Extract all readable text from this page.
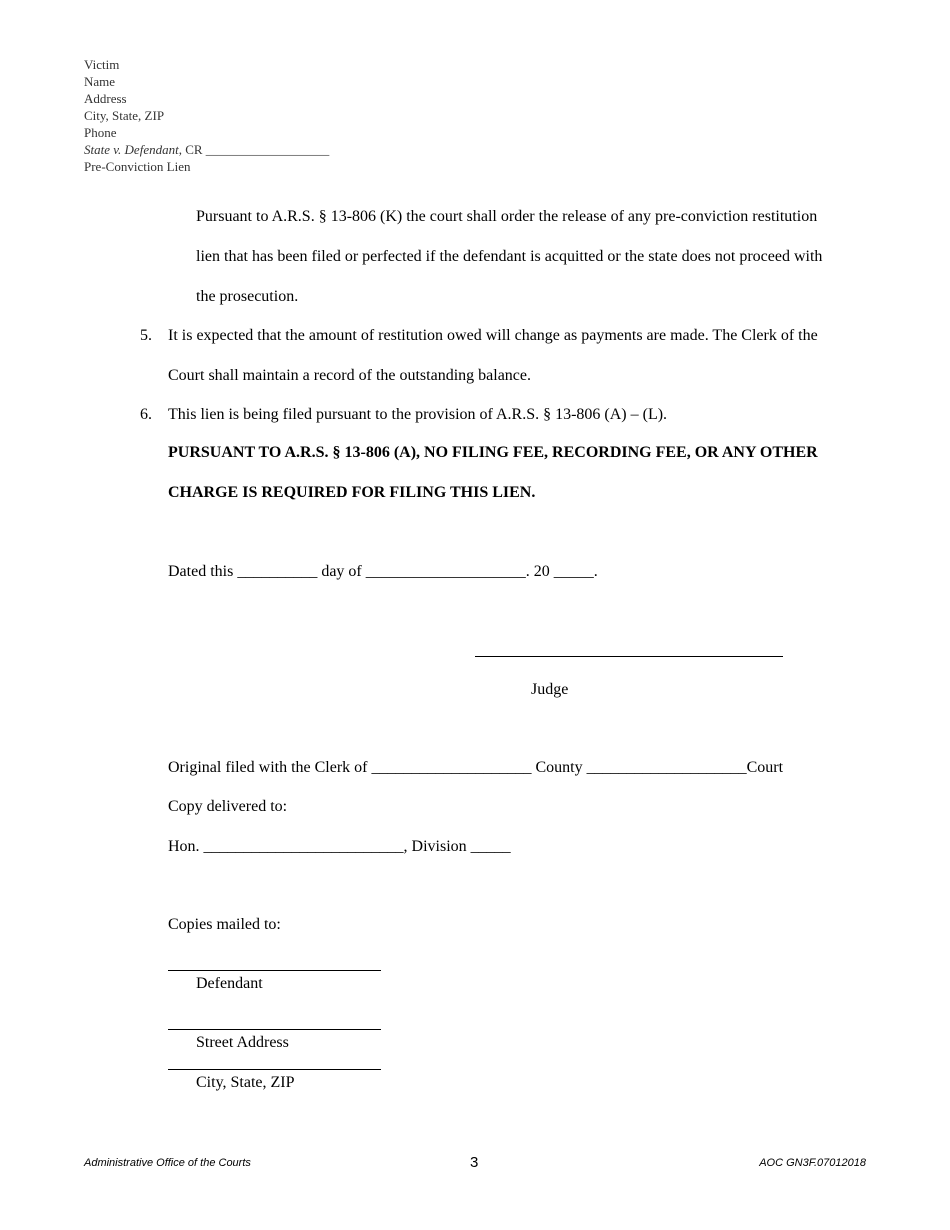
Victim
Name
Address
City, State, ZIP
Phone
State v. Defendant, CR ___________________
Pre-Conviction Lien
Pursuant to A.R.S. § 13-806 (K) the court shall order the release of any pre-conviction restitution
lien that has been filed or perfected if the defendant is acquitted or the state does not proceed with
the prosecution.
5. It is expected that the amount of restitution owed will change as payments are made. The Clerk of the
Court shall maintain a record of the outstanding balance.
6. This lien is being filed pursuant to the provision of A.R.S. § 13-806 (A) – (L).
PURSUANT TO A.R.S. § 13-806 (A), NO FILING FEE, RECORDING FEE, OR ANY OTHER
CHARGE IS REQUIRED FOR FILING THIS LIEN.
Dated this __________ day of ____________________. 20 _____.
Judge
Original filed with the Clerk of ____________________ County ____________________Court
Copy delivered to:
Hon. _________________________, Division _____
Copies mailed to:
Defendant
Street Address
City, State, ZIP
Administrative Office of the Courts	3	AOC GN3F.07012018
